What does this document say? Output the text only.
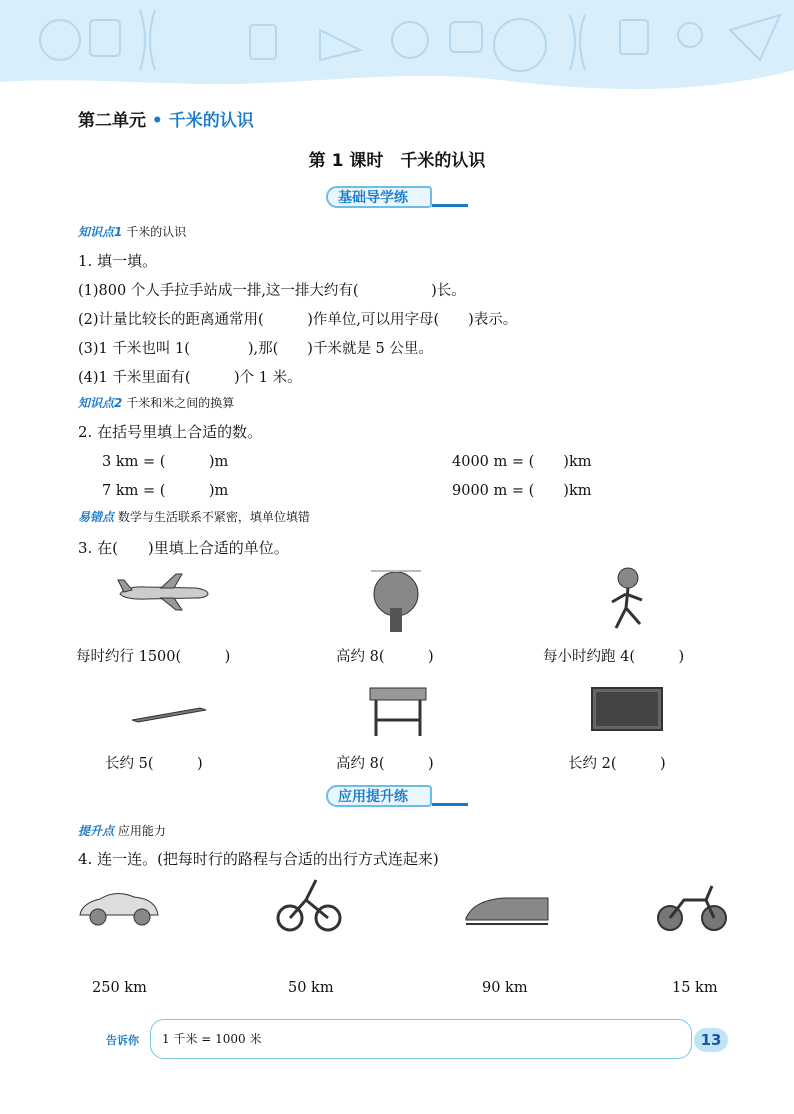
第二单元 • 千米的认识
第 1 课时　千米的认识
基础导学练
知识点1 千米的认识
1. 填一填。
(1)800 个人手拉手站成一排,这一排大约有(　　　　　)长。
(2)计量比较长的距离通常用(　　　)作单位,可以用字母(　　)表示。
(3)1 千米也叫 1(　　　　),那(　　)千米就是 5 公里。
(4)1 千米里面有(　　　)个 1 米。
知识点2 千米和米之间的换算
2. 在括号里填上合适的数。
3 km = (　　　)m	4000 m = (　　)km
7 km = (　　　)m	9000 m = (　　)km
易错点 数学与生活联系不紧密，填单位填错
3. 在(　　)里填上合适的单位。
每时约行 1500(　　　)	高约 8(　　　)	每小时约跑 4(　　　)
长约 5(　　　)	高约 8(　　　)	长约 2(　　　)
应用提升练
提升点 应用能力
4. 连一连。(把每时行的路程与合适的出行方式连起来)
250 km	50 km	90 km	15 km
告诉你 1 千米 = 1000 米	13
